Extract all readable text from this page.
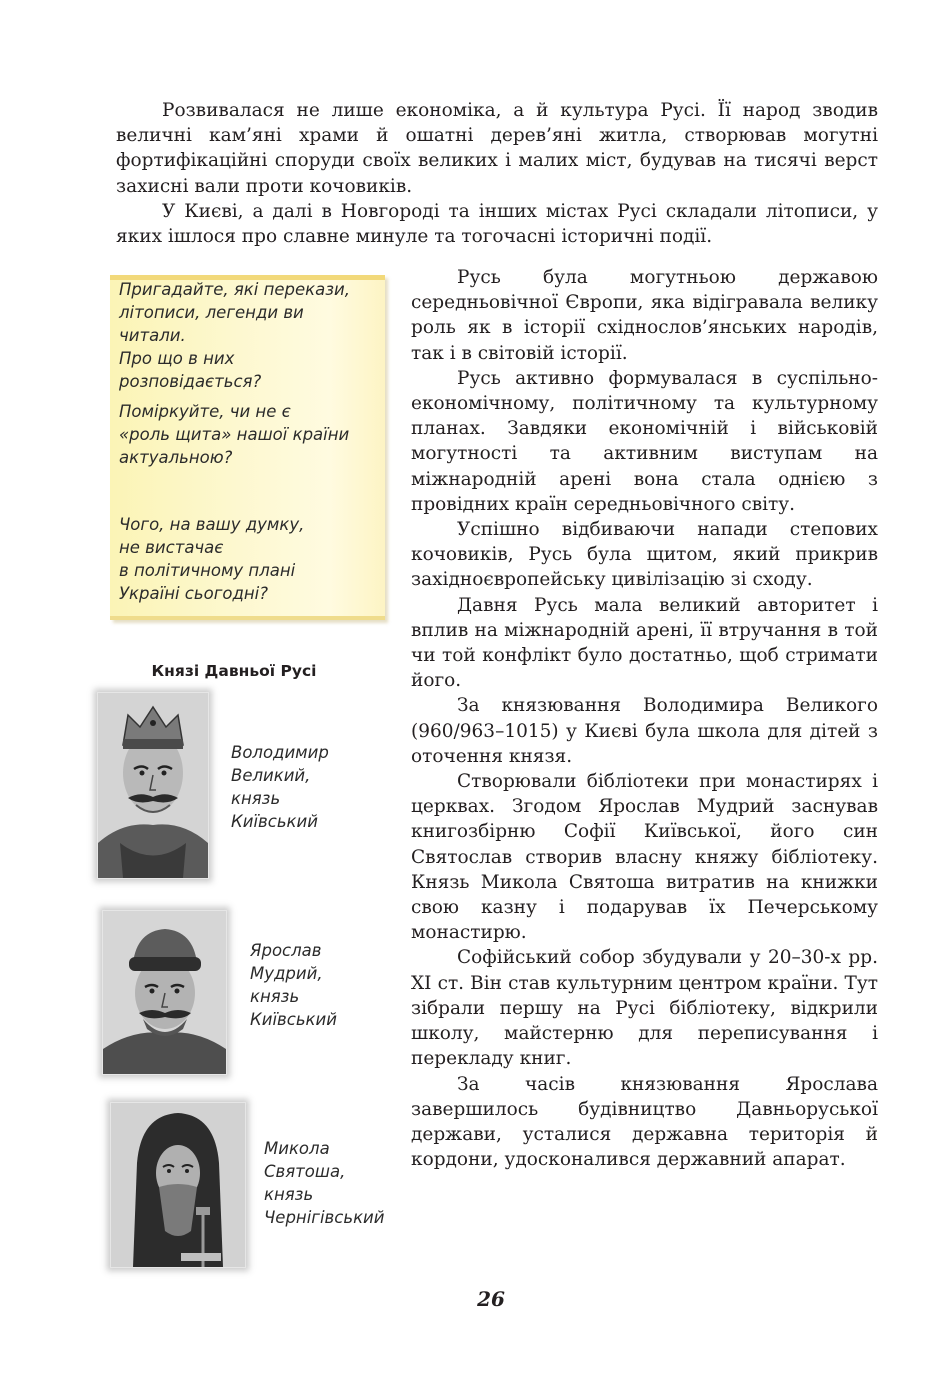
Розвивалася не лише економіка, а й культура Русі. Її народ зводив величні кам’яні храми й ошатні дерев’яні житла, створював могутні фортифікаційні споруди своїх великих і малих міст, будував на тисячі верст захисні вали проти кочовиків.

У Києві, а далі в Новгороді та інших містах Русі складали літописи, у яких ішлося про славне минуле та тогочасні історичні події.

Пригадайте, які перекази,
літописи, легенди ви
читали.
Про що в них
розповідається?

Поміркуйте, чи не є
«роль щита» нашої країни
актуальною?

Чого, на вашу думку,
не вистачає
в політичному плані
Україні сьогодні?

Князі Давньої Русі

Володимир
Великий,
князь
Київський

Ярослав
Мудрий,
князь
Київський

Микола
Святоша,
князь
Чернігівський

Русь була могутньою державою середньовічної Європи, яка відігравала велику роль як в історії східнослов’янських народів, так і в світовій історії.

Русь активно формувалася в суспільно-економічному, політичному та культурному планах. Завдяки економічній і військовій могутності та активним виступам на міжнародній арені вона стала однією з провідних країн середньовічного світу.

Успішно відбиваючи напади степових кочовиків, Русь була щитом, який прикрив західноєвропейську цивілізацію зі сходу.

Давня Русь мала великий авторитет і вплив на міжнародній арені, її втручання в той чи той конфлікт було достатньо, щоб стримати його.

За князювання Володимира Великого (960/963–1015) у Києві була школа для дітей з оточення князя.

Створювали бібліотеки при монастирях і церквах. Згодом Ярослав Мудрий заснував книгозбірню Софії Київської, його син Святослав створив власну княжу бібліотеку. Князь Микола Святоша витратив на книжки свою казну і подарував їх Печерському монастирю.

Софійський собор збудували у 20–30-х рр. ХІ ст. Він став культурним центром країни. Тут зібрали першу на Русі бібліотеку, відкрили школу, майстерню для переписування і перекладу книг.

За часів князювання Ярослава завершилось будівництво Давньоруської держави, усталися державна територія й кордони, удосконалився державний апарат.

26
